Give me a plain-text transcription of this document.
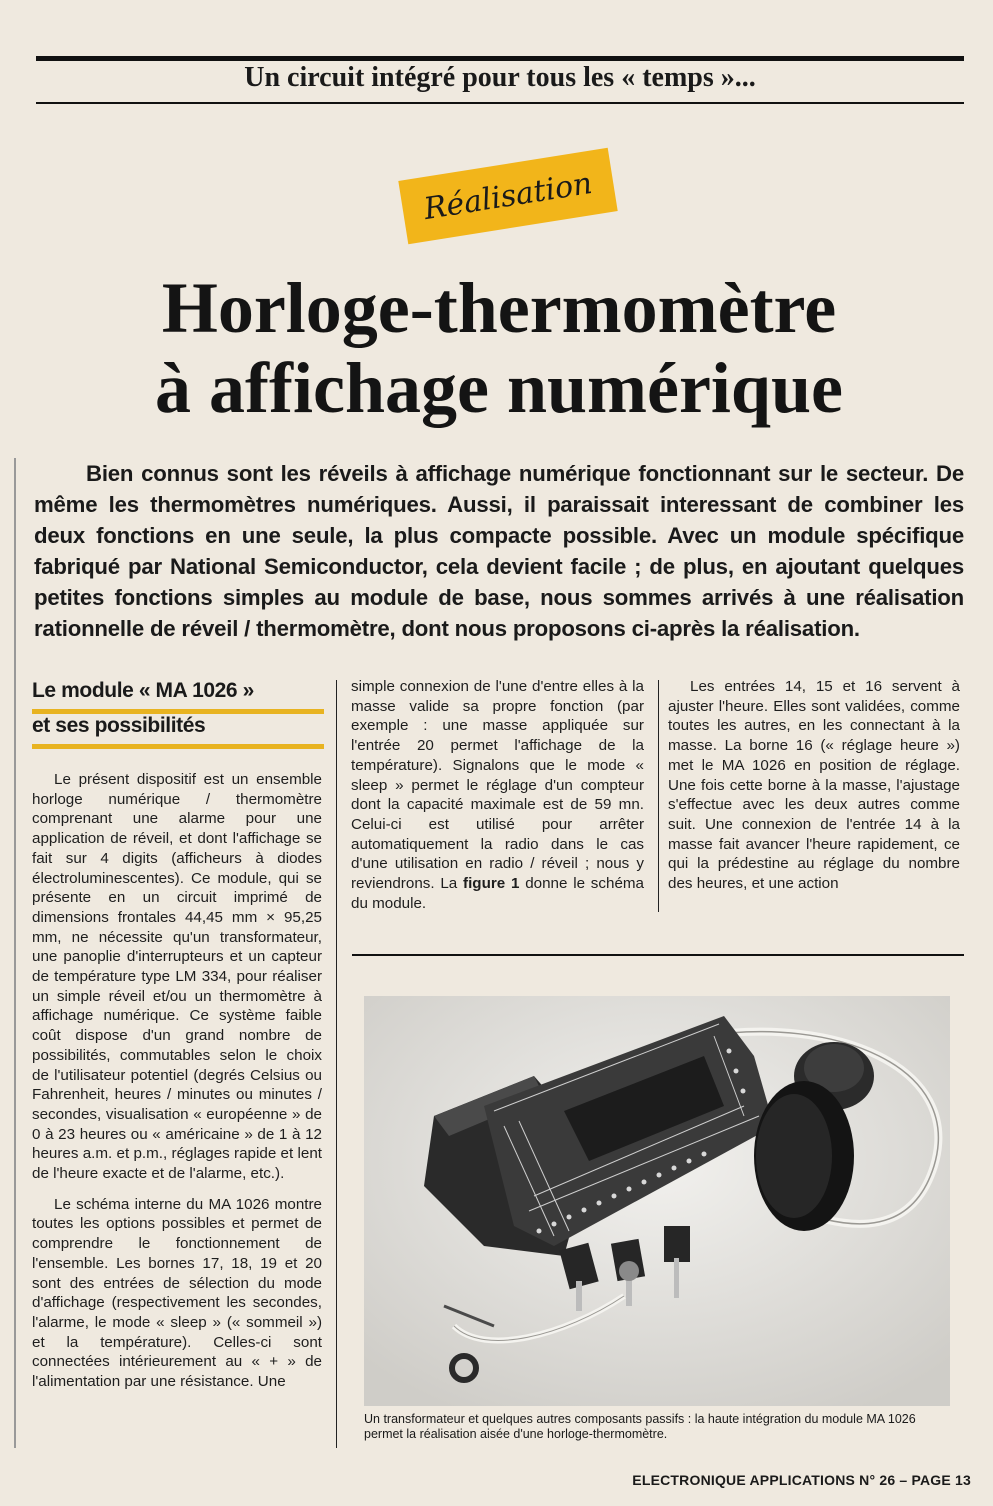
Un circuit intégré pour tous les « temps »...
Réalisation
Horloge-thermomètre
à affichage numérique

Bien connus sont les réveils à affichage numérique fonctionnant sur le secteur. De même les thermomètres numériques. Aussi, il paraissait interessant de combiner les deux fonctions en une seule, la plus compacte possible. Avec un module spécifique fabriqué par National Semiconductor, cela devient facile ; de plus, en ajoutant quelques petites fonctions simples au module de base, nous sommes arrivés à une réalisation rationnelle de réveil / thermomètre, dont nous proposons ci-après la réalisation.

Le module « MA 1026 »
et ses possibilités

Le présent dispositif est un ensemble horloge numérique / thermomètre comprenant une alarme pour une application de réveil, et dont l'affichage se fait sur 4 digits (afficheurs à diodes électroluminescentes). Ce module, qui se présente en un circuit imprimé de dimensions frontales 44,45 mm × 95,25 mm, ne nécessite qu'un transformateur, une panoplie d'interrupteurs et un capteur de température type LM 334, pour réaliser un simple réveil et/ou un thermomètre à affichage numérique. Ce système faible coût dispose d'un grand nombre de possibilités, commutables selon le choix de l'utilisateur potentiel (degrés Celsius ou Fahrenheit, heures / minutes ou minutes / secondes, visualisation « européenne » de 0 à 23 heures ou « américaine » de 1 à 12 heures a.m. et p.m., réglages rapide et lent de l'heure exacte et de l'alarme, etc.).

Le schéma interne du MA 1026 montre toutes les options possibles et permet de comprendre le fonctionnement de l'ensemble. Les bornes 17, 18, 19 et 20 sont des entrées de sélection du mode d'affichage (respectivement les secondes, l'alarme, le mode « sleep » (« sommeil ») et la température). Celles-ci sont connectées intérieurement au « + » de l'alimentation par une résistance. Une

simple connexion de l'une d'entre elles à la masse valide sa propre fonction (par exemple : une masse appliquée sur l'entrée 20 permet l'affichage de la température). Signalons que le mode « sleep » permet le réglage d'un compteur dont la capacité maximale est de 59 mn. Celui-ci est utilisé pour arrêter automatiquement la radio dans le cas d'une utilisation en radio / réveil ; nous y reviendrons. La figure 1 donne le schéma du module.

Les entrées 14, 15 et 16 servent à ajuster l'heure. Elles sont validées, comme toutes les autres, en les connectant à la masse. La borne 16 (« réglage heure ») met le MA 1026 en position de réglage. Une fois cette borne à la masse, l'ajustage s'effectue avec les deux autres comme suit. Une connexion de l'entrée 14 à la masse fait avancer l'heure rapidement, ce qui la prédestine au réglage du nombre des heures, et une action

Un transformateur et quelques autres composants passifs : la haute intégration du module MA 1026 permet la réalisation aisée d'une horloge-thermomètre.
ELECTRONIQUE APPLICATIONS N° 26 – PAGE 13
